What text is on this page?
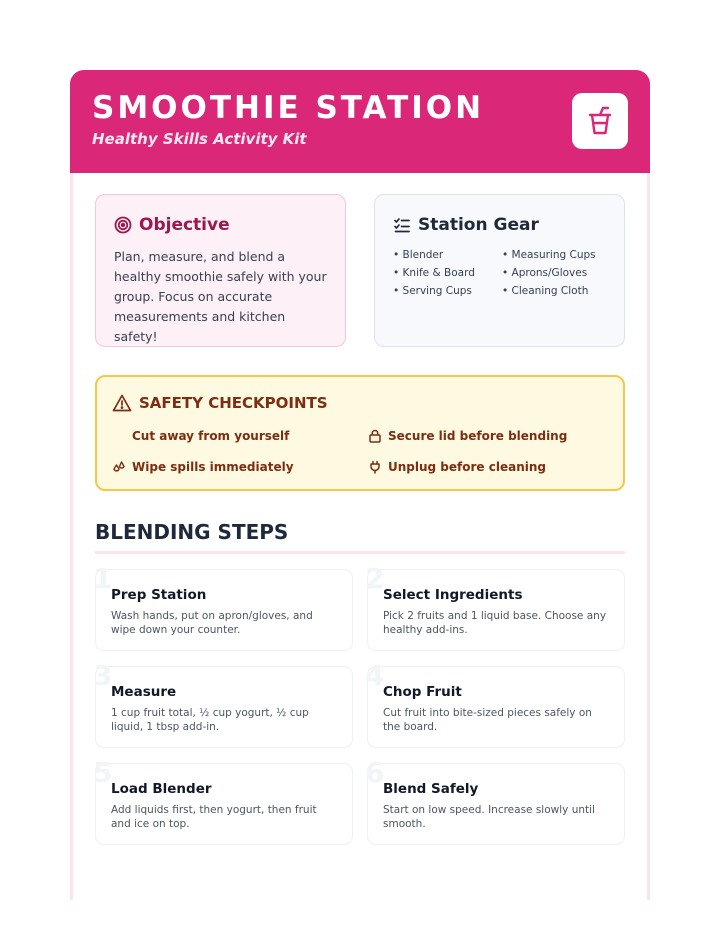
SMOOTHIE STATION
Healthy Skills Activity Kit
Objective
Plan, measure, and blend a healthy smoothie safely with your group. Focus on accurate measurements and kitchen safety!
Station Gear
• Blender	• Measuring Cups
• Knife & Board	• Aprons/Gloves
• Serving Cups	• Cleaning Cloth
SAFETY CHECKPOINTS
Cut away from yourself	Secure lid before blending
Wipe spills immediately	Unplug before cleaning
BLENDING STEPS
1
Prep Station
Wash hands, put on apron/gloves, and wipe down your counter.
2
Select Ingredients
Pick 2 fruits and 1 liquid base. Choose any healthy add-ins.
3
Measure
1 cup fruit total, ½ cup yogurt, ½ cup liquid, 1 tbsp add-in.
4
Chop Fruit
Cut fruit into bite-sized pieces safely on the board.
5
Load Blender
Add liquids first, then yogurt, then fruit and ice on top.
6
Blend Safely
Start on low speed. Increase slowly until smooth.
